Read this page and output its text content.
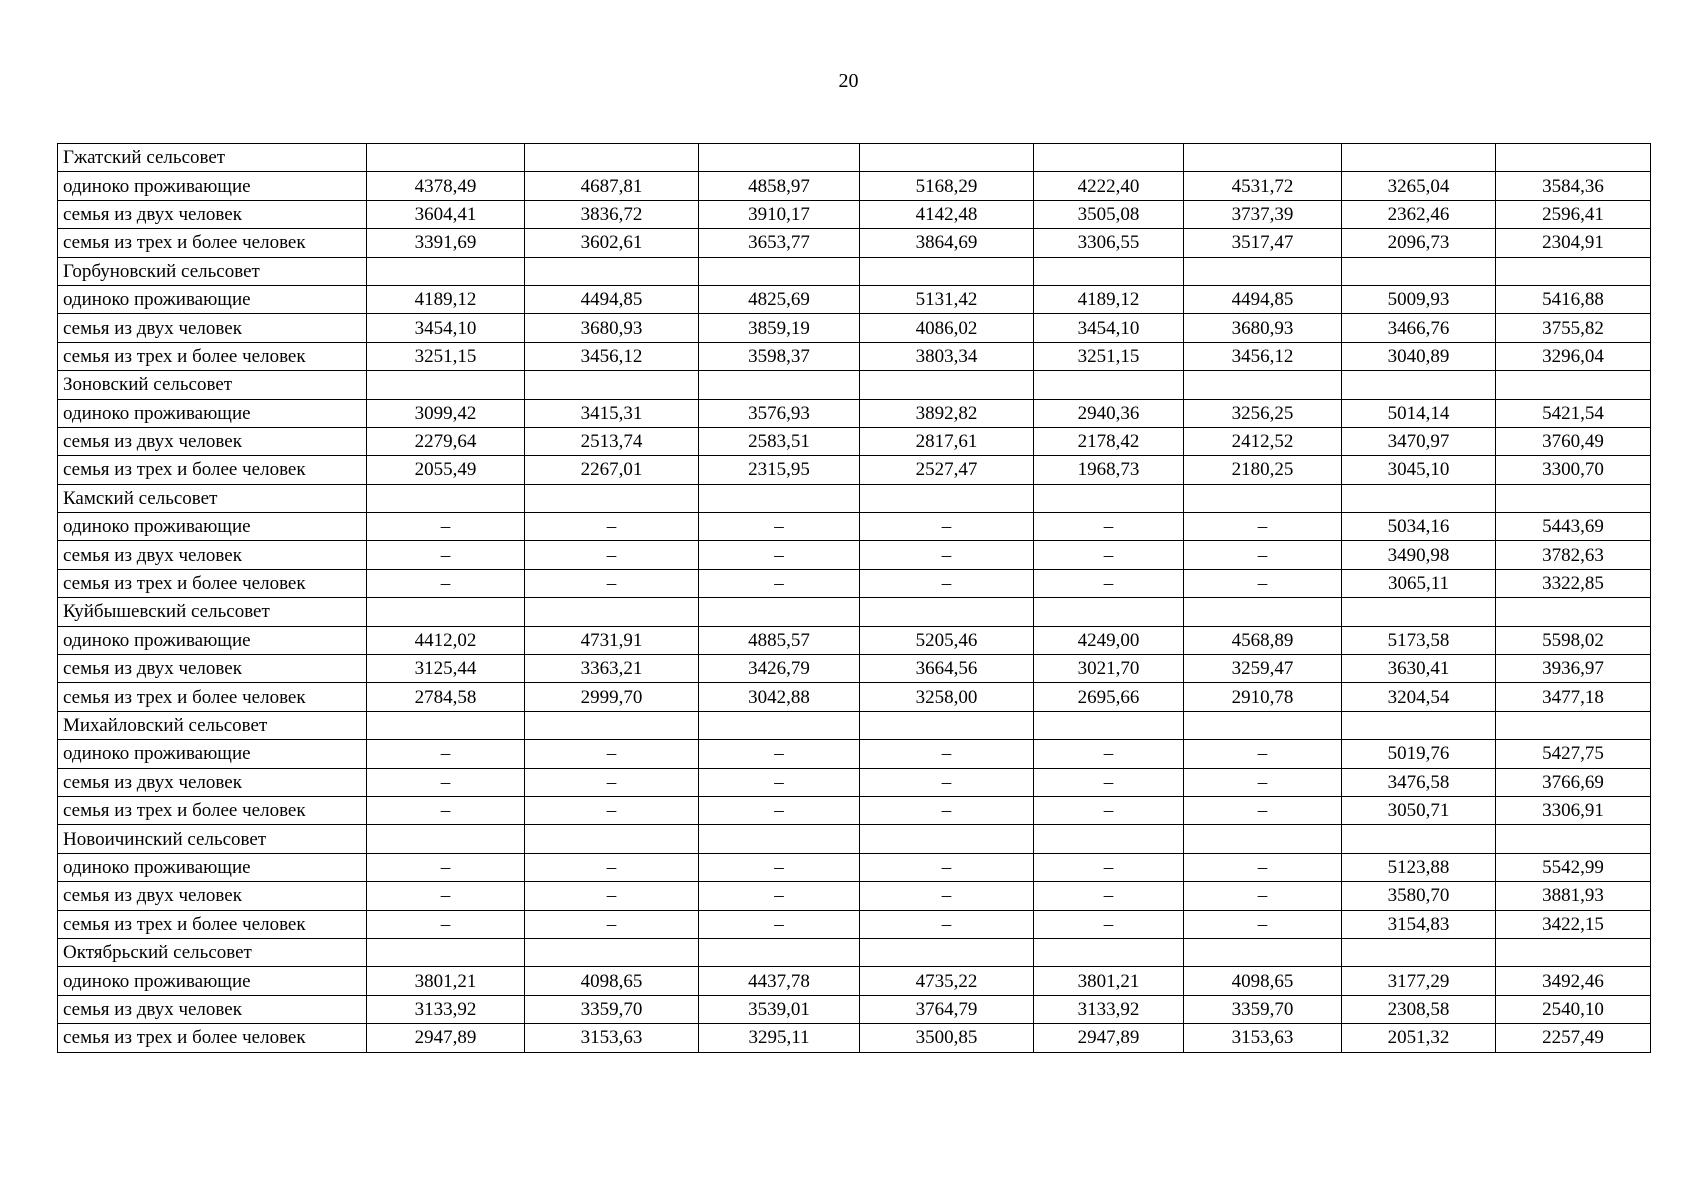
20
Гжатский сельсовет								
одиноко проживающие	4378,49	4687,81	4858,97	5168,29	4222,40	4531,72	3265,04	3584,36
семья из двух человек	3604,41	3836,72	3910,17	4142,48	3505,08	3737,39	2362,46	2596,41
семья из трех и более человек	3391,69	3602,61	3653,77	3864,69	3306,55	3517,47	2096,73	2304,91
Горбуновский сельсовет								
одиноко проживающие	4189,12	4494,85	4825,69	5131,42	4189,12	4494,85	5009,93	5416,88
семья из двух человек	3454,10	3680,93	3859,19	4086,02	3454,10	3680,93	3466,76	3755,82
семья из трех и более человек	3251,15	3456,12	3598,37	3803,34	3251,15	3456,12	3040,89	3296,04
Зоновский сельсовет								
одиноко проживающие	3099,42	3415,31	3576,93	3892,82	2940,36	3256,25	5014,14	5421,54
семья из двух человек	2279,64	2513,74	2583,51	2817,61	2178,42	2412,52	3470,97	3760,49
семья из трех и более человек	2055,49	2267,01	2315,95	2527,47	1968,73	2180,25	3045,10	3300,70
Камский сельсовет								
одиноко проживающие	–	–	–	–	–	–	5034,16	5443,69
семья из двух человек	–	–	–	–	–	–	3490,98	3782,63
семья из трех и более человек	–	–	–	–	–	–	3065,11	3322,85
Куйбышевский сельсовет								
одиноко проживающие	4412,02	4731,91	4885,57	5205,46	4249,00	4568,89	5173,58	5598,02
семья из двух человек	3125,44	3363,21	3426,79	3664,56	3021,70	3259,47	3630,41	3936,97
семья из трех и более человек	2784,58	2999,70	3042,88	3258,00	2695,66	2910,78	3204,54	3477,18
Михайловский сельсовет								
одиноко проживающие	–	–	–	–	–	–	5019,76	5427,75
семья из двух человек	–	–	–	–	–	–	3476,58	3766,69
семья из трех и более человек	–	–	–	–	–	–	3050,71	3306,91
Новоичинский сельсовет								
одиноко проживающие	–	–	–	–	–	–	5123,88	5542,99
семья из двух человек	–	–	–	–	–	–	3580,70	3881,93
семья из трех и более человек	–	–	–	–	–	–	3154,83	3422,15
Октябрьский сельсовет								
одиноко проживающие	3801,21	4098,65	4437,78	4735,22	3801,21	4098,65	3177,29	3492,46
семья из двух человек	3133,92	3359,70	3539,01	3764,79	3133,92	3359,70	2308,58	2540,10
семья из трех и более человек	2947,89	3153,63	3295,11	3500,85	2947,89	3153,63	2051,32	2257,49
